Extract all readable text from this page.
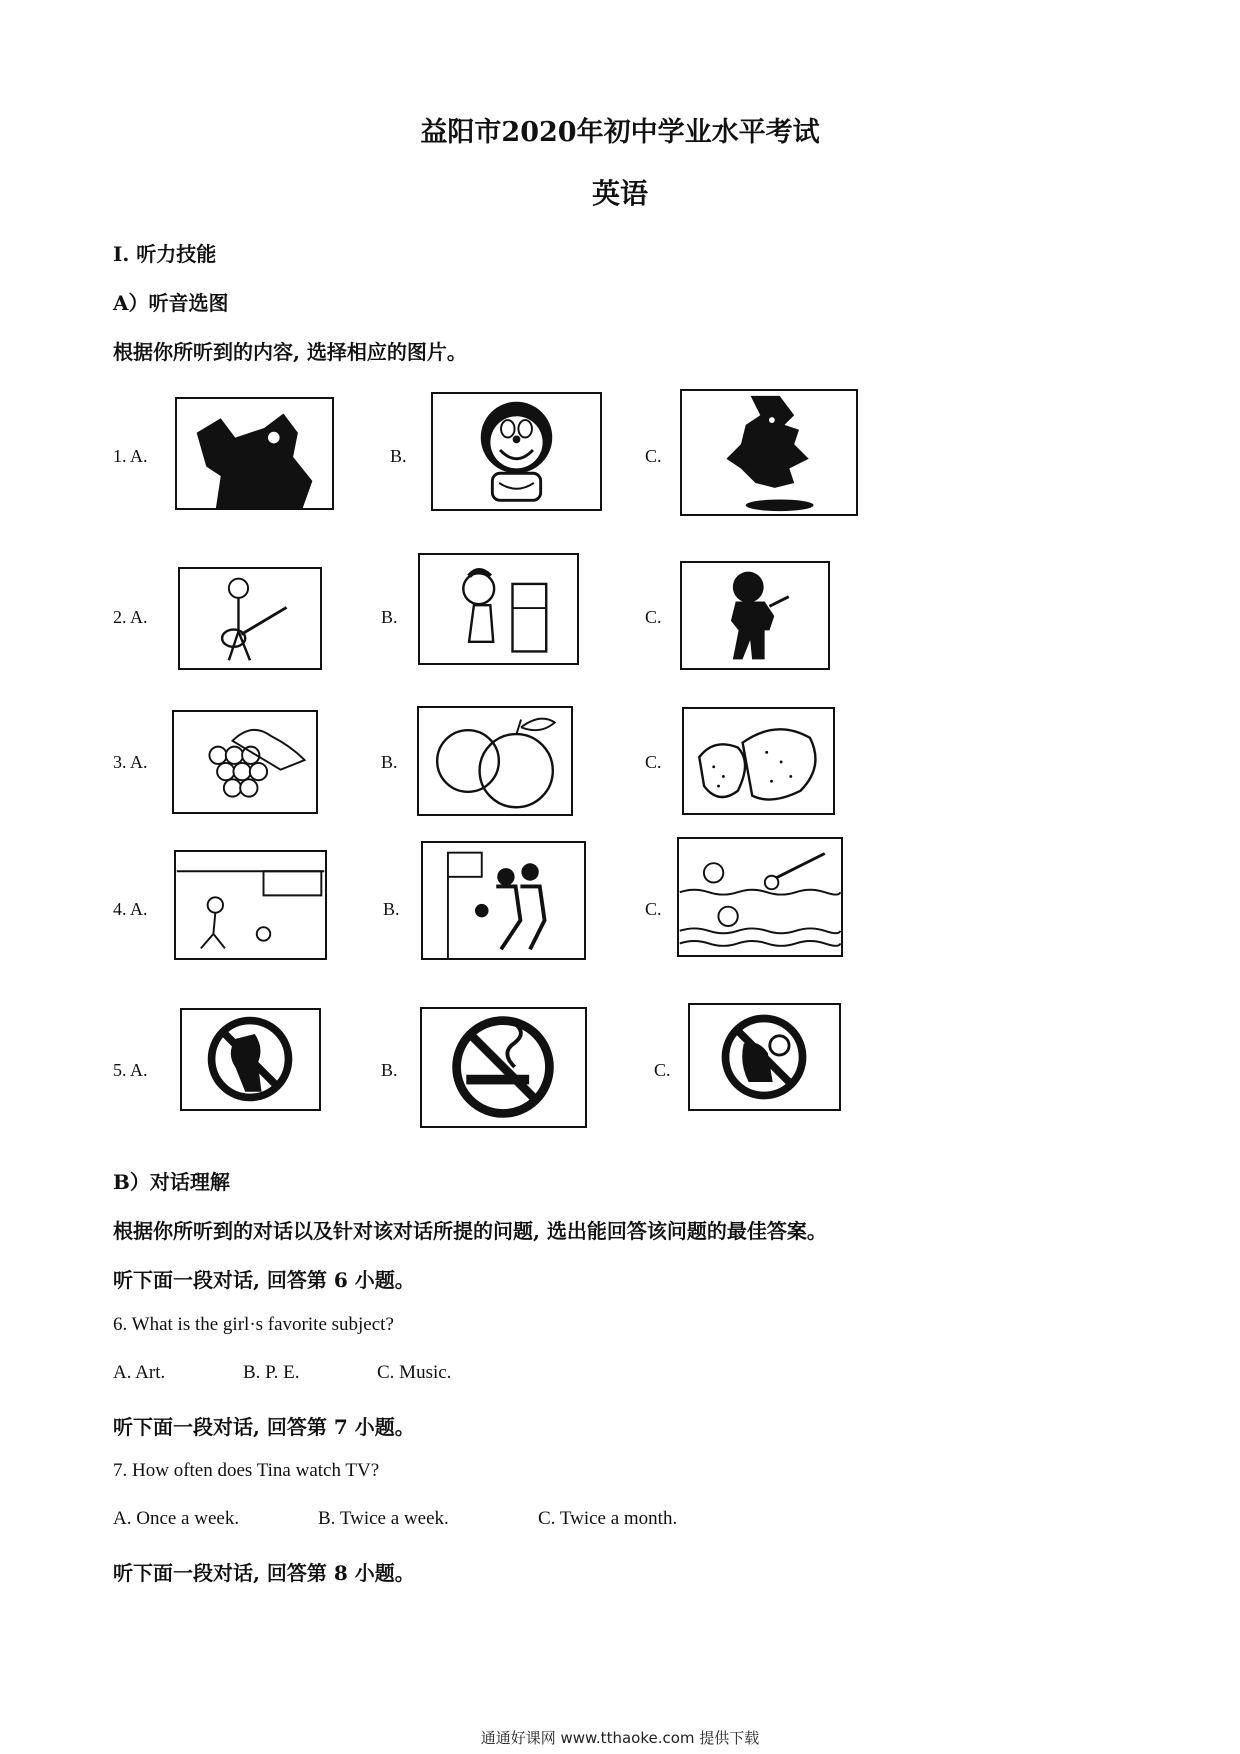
益阳市2020年初中学业水平考试
英语

Ⅰ. 听力技能

A）听音选图

根据你所听到的内容, 选择相应的图片。

1. A.	B.	C.
2. A.	B.	C.
3. A.	B.	C.
4. A.	B.	C.
5. A.	B.	C.

B）对话理解

根据你所听到的对话以及针对该对话所提的问题, 选出能回答该问题的最佳答案。

听下面一段对话, 回答第 6 小题。

6. What is the girl·s favorite subject?

A. Art.	B. P. E.	C. Music.

听下面一段对话, 回答第 7 小题。

7. How often does Tina watch TV?

A. Once a week.	B. Twice a week.	C. Twice a month.

听下面一段对话, 回答第 8 小题。

通通好课网 www.tthaoke.com 提供下载
